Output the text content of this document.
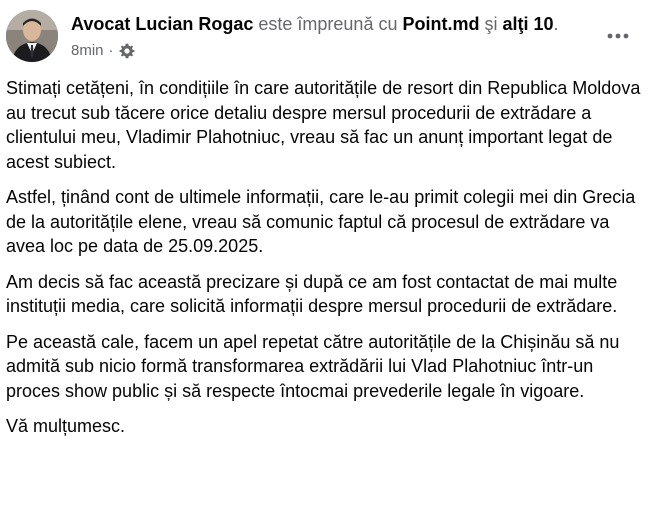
Avocat Lucian Rogac este împreună cu Point.md şi alţi 10.
8min ·

Stimați cetățeni, în condițiile în care autoritățile de resort din Republica Moldova au trecut sub tăcere orice detaliu despre mersul procedurii de extrădare a clientului meu, Vladimir Plahotniuc, vreau să fac un anunț important legat de acest subiect.

Astfel, ținând cont de ultimele informații, care le-au primit colegii mei din Grecia de la autoritățile elene, vreau să comunic faptul că procesul de extrădare va avea loc pe data de 25.09.2025.

Am decis să fac această precizare și după ce am fost contactat de mai multe instituții media, care solicită informații despre mersul procedurii de extrădare.

Pe această cale, facem un apel repetat către autoritățile de la Chișinău să nu admită sub nicio formă transformarea extrădării lui Vlad Plahotniuc într-un proces show public și să respecte întocmai prevederile legale în vigoare.

Vă mulțumesc.
